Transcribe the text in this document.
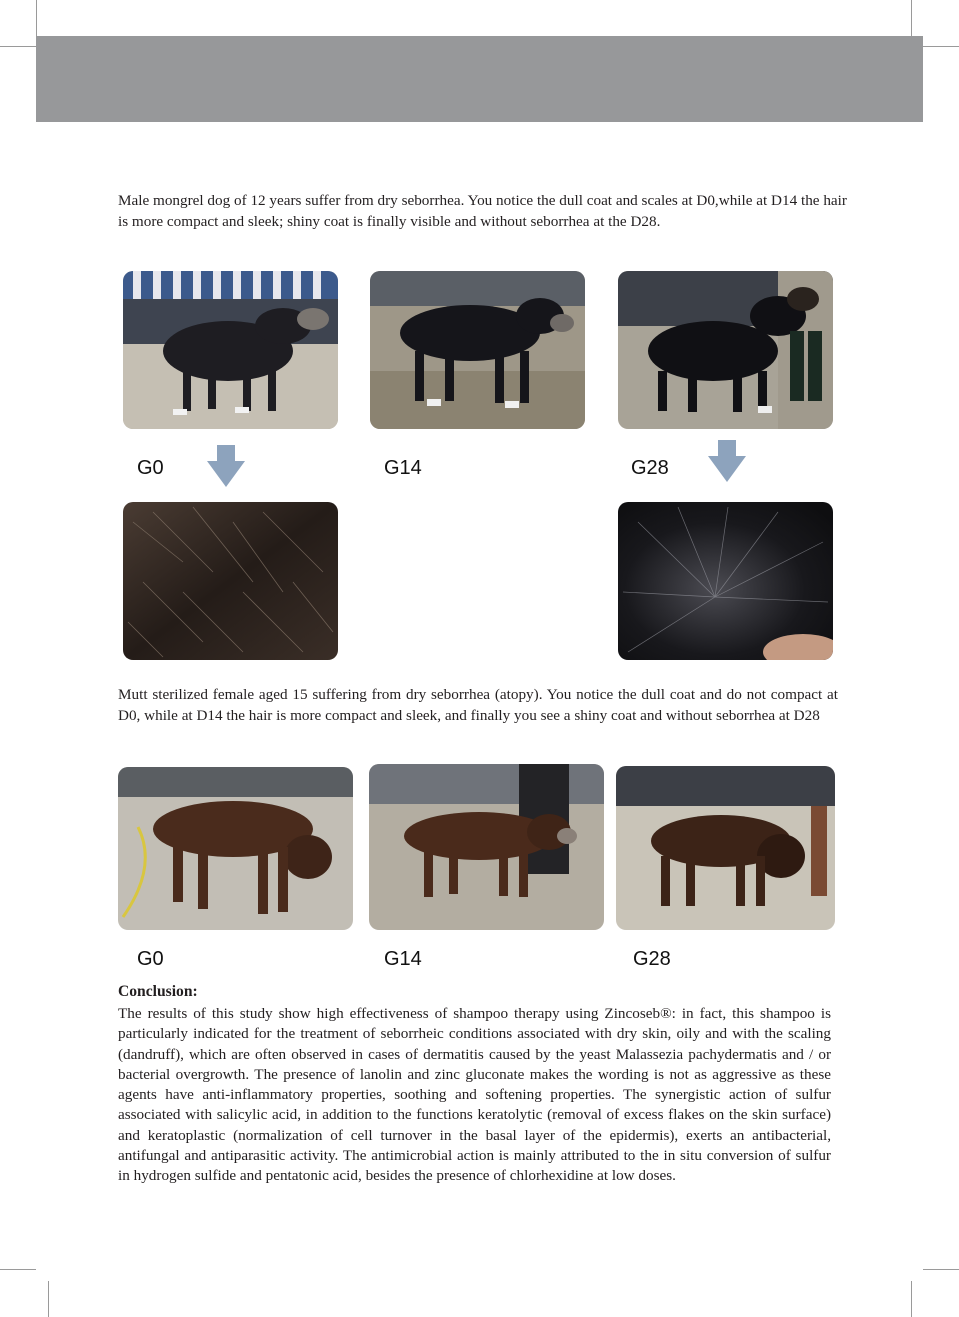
Male mongrel dog of 12 years suffer from dry seborrhea. You notice the dull coat and scales at D0,while at D14 the hair is more compact and sleek; shiny coat is finally visible and without seborrhea at the D28.

G0	G14	G28

Mutt sterilized female aged 15 suffering from dry seborrhea (atopy). You notice the dull coat and do not compact at D0, while at D14 the hair is more compact and sleek, and finally you see a shiny coat and without seborrhea at D28

G0	G14	G28

Conclusion:

The results of this study show high effectiveness of shampoo therapy using Zincoseb®: in fact, this shampoo is particularly indicated for the treatment of seborrheic conditions associated with dry skin, oily and with the scaling (dandruff), which are often observed in cases of dermatitis caused by the yeast Malassezia pachydermatis and / or bacterial overgrowth. The presence of lanolin and zinc gluconate makes the wording is not as aggressive as these agents have anti-inflammatory properties, soothing and softening properties. The synergistic action of sulfur associated with salicylic acid, in addition to the functions keratolytic (removal of excess flakes on the skin surface) and keratoplastic (normalization of cell turnover in the basal layer of the epidermis), exerts an antibacterial, antifungal and antiparasitic activity. The antimicrobial action is mainly attributed to the in situ conversion of sulfur in hydrogen sulfide and pentatonic acid, besides the presence of chlorhexidine at low doses.
